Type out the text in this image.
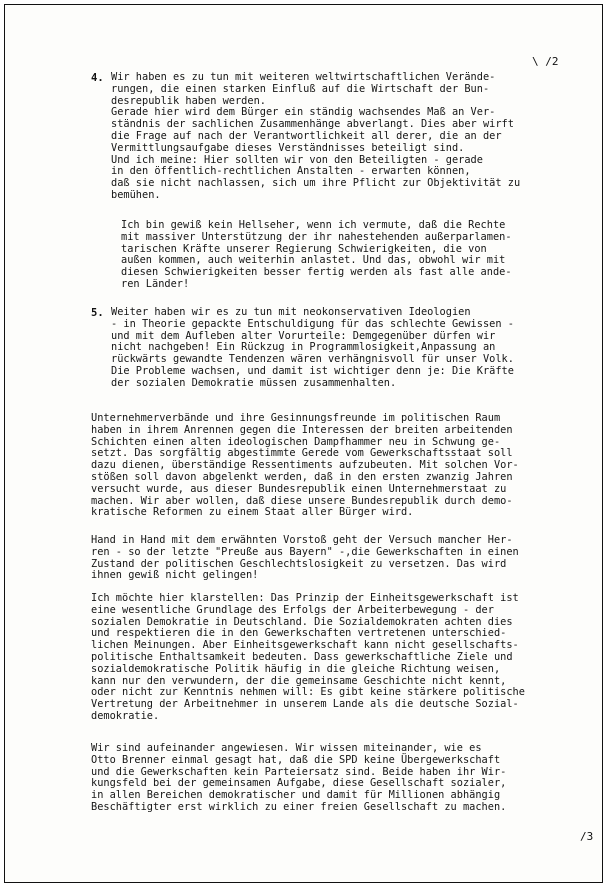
\ /2
4. Wir haben es zu tun mit weiteren weltwirtschaftlichen Verände-
rungen, die einen starken Einfluß auf die Wirtschaft der Bun-
desrepublik haben werden.
Gerade hier wird dem Bürger ein ständig wachsendes Maß an Ver-
ständnis der sachlichen Zusammenhänge abverlangt. Dies aber wirft
die Frage auf nach der Verantwortlichkeit all derer, die an der
Vermittlungsaufgabe dieses Verständnisses beteiligt sind.
Und ich meine: Hier sollten wir von den Beteiligten - gerade
in den öffentlich-rechtlichen Anstalten - erwarten können,
daß sie nicht nachlassen, sich um ihre Pflicht zur Objektivität zu
bemühen.
Ich bin gewiß kein Hellseher, wenn ich vermute, daß die Rechte
mit massiver Unterstützung der ihr nahestehenden außerparlamen-
tarischen Kräfte unserer Regierung Schwierigkeiten, die von
außen kommen, auch weiterhin anlastet. Und das, obwohl wir mit
diesen Schwierigkeiten besser fertig werden als fast alle ande-
ren Länder!
5. Weiter haben wir es zu tun mit neokonservativen Ideologien
- in Theorie gepackte Entschuldigung für das schlechte Gewissen -
und mit dem Aufleben alter Vorurteile: Demgegenüber dürfen wir
nicht nachgeben! Ein Rückzug in Programmlosigkeit,Anpassung an
rückwärts gewandte Tendenzen wären verhängnisvoll für unser Volk.
Die Probleme wachsen, und damit ist wichtiger denn je: Die Kräfte
der sozialen Demokratie müssen zusammenhalten.
Unternehmerverbände und ihre Gesinnungsfreunde im politischen Raum
haben in ihrem Anrennen gegen die Interessen der breiten arbeitenden
Schichten einen alten ideologischen Dampfhammer neu in Schwung ge-
setzt. Das sorgfältig abgestimmte Gerede vom Gewerkschaftsstaat soll
dazu dienen, überständige Ressentiments aufzubeuten. Mit solchen Vor-
stößen soll davon abgelenkt werden, daß in den ersten zwanzig Jahren
versucht wurde, aus dieser Bundesrepublik einen Unternehmerstaat zu
machen. Wir aber wollen, daß diese unsere Bundesrepublik durch demo-
kratische Reformen zu einem Staat aller Bürger wird.
Hand in Hand mit dem erwähnten Vorstoß geht der Versuch mancher Her-
ren - so der letzte "Preuße aus Bayern" -,die Gewerkschaften in einen
Zustand der politischen Geschlechtslosigkeit zu versetzen. Das wird
ihnen gewiß nicht gelingen!
Ich möchte hier klarstellen: Das Prinzip der Einheitsgewerkschaft ist
eine wesentliche Grundlage des Erfolgs der Arbeiterbewegung - der
sozialen Demokratie in Deutschland. Die Sozialdemokraten achten dies
und respektieren die in den Gewerkschaften vertretenen unterschied-
lichen Meinungen. Aber Einheitsgewerkschaft kann nicht gesellschafts-
politische Enthaltsamkeit bedeuten. Dass gewerkschaftliche Ziele und
sozialdemokratische Politik häufig in die gleiche Richtung weisen,
kann nur den verwundern, der die gemeinsame Geschichte nicht kennt,
oder nicht zur Kenntnis nehmen will: Es gibt keine stärkere politische
Vertretung der Arbeitnehmer in unserem Lande als die deutsche Sozial-
demokratie.
Wir sind aufeinander angewiesen. Wir wissen miteinander, wie es
Otto Brenner einmal gesagt hat, daß die SPD keine Übergewerkschaft
und die Gewerkschaften kein Parteiersatz sind. Beide haben ihr Wir-
kungsfeld bei der gemeinsamen Aufgabe, diese Gesellschaft sozialer,
in allen Bereichen demokratischer und damit für Millionen abhängig
Beschäftigter erst wirklich zu einer freien Gesellschaft zu machen.
/3
